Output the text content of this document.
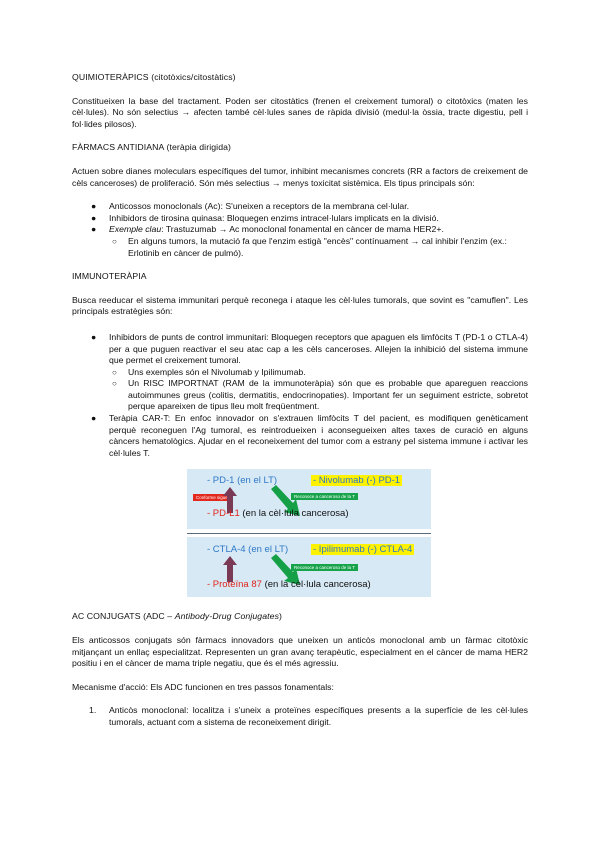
QUIMIOTERÀPICS (citotòxics/citostàtics)

Constitueixen la base del tractament. Poden ser citostàtics (frenen el creixement tumoral) o citotòxics (maten les cèl·lules). No són selectius → afecten també cèl·lules sanes de ràpida divisió (medul·la òssia, tracte digestiu, pell i fol·lides pilosos).

FÀRMACS ANTIDIANA (teràpia dirigida)

Actuen sobre dianes moleculars específiques del tumor, inhibint mecanismes concrets (RR a factors de creixement de cèls canceroses) de proliferació. Són més selectius → menys toxicitat sistèmica. Els tipus principals són:

● Anticossos monoclonals (Ac): S'uneixen a receptors de la membrana cel·lular.
● Inhibidors de tirosina quinasa: Bloquegen enzims intracel·lulars implicats en la divisió.
● Exemple clau: Trastuzumab → Ac monoclonal fonamental en càncer de mama HER2+.
○ En alguns tumors, la mutació fa que l'enzim estigà "encès" contínuament → cal inhibir l'enzim (ex.: Erlotinib en càncer de pulmó).

IMMUNOTERÀPIA

Busca reeducar el sistema immunitari perquè reconega i ataque les cèl·lules tumorals, que sovint es "camuflen". Les principals estratègies són:

● Inhibidors de punts de control immunitari: Bloquegen receptors que apaguen els limfòcits T (PD-1 o CTLA-4) per a que puguen reactivar el seu atac cap a les cèls canceroses. Allejen la inhibició del sistema immune que permet el creixement tumoral.
○ Uns exemples són el Nivolumab y Ipilimumab.
○ Un RISC IMPORTNAT (RAM de la immunoteràpia) són que es probable que apareguen reaccions autoimmunes greus (colitis, dermatitis, endocrinopaties). Important fer un seguiment estricte, sobretot perque apareixen de tipus lleu molt freqüentment.
● Teràpia CAR-T: En enfoc innovador on s'extrauen limfòcits T del pacient, es modifiquen genèticament perquè reconeguen l'Ag tumoral, es reintrodueixen i aconsegueixen altes taxes de curació en alguns càncers hematològics. Ajudar en el reconeixement del tumor com a estrany pel sistema immune i activar les cèl·lules T.
- PD-1 (en el LT)	- Nivolumab (-) PD-1
Conforme sigue	Reconoce a canceroso de la T
- PD-L1 (en la cèl·lula cancerosa)
- CTLA-4 (en el LT)	- Ipilimumab (-) CTLA-4
Reconoce a canceroso de la T
- Proteïna 87 (en la cèl·lula cancerosa)

AC CONJUGATS (ADC – Antibody-Drug Conjugates)

Els anticossos conjugats són fàrmacs innovadors que uneixen un anticòs monoclonal amb un fàrmac citotòxic mitjançant un enllaç especialitzat. Representen un gran avanç terapèutic, especialment en el càncer de mama HER2 positiu i en el càncer de mama triple negatiu, que és el més agressiu.

Mecanisme d'acció: Els ADC funcionen en tres passos fonamentals:

1. Anticòs monoclonal: localitza i s'uneix a proteïnes específiques presents a la superfície de les cèl·lules tumorals, actuant com a sistema de reconeixement dirigit.
